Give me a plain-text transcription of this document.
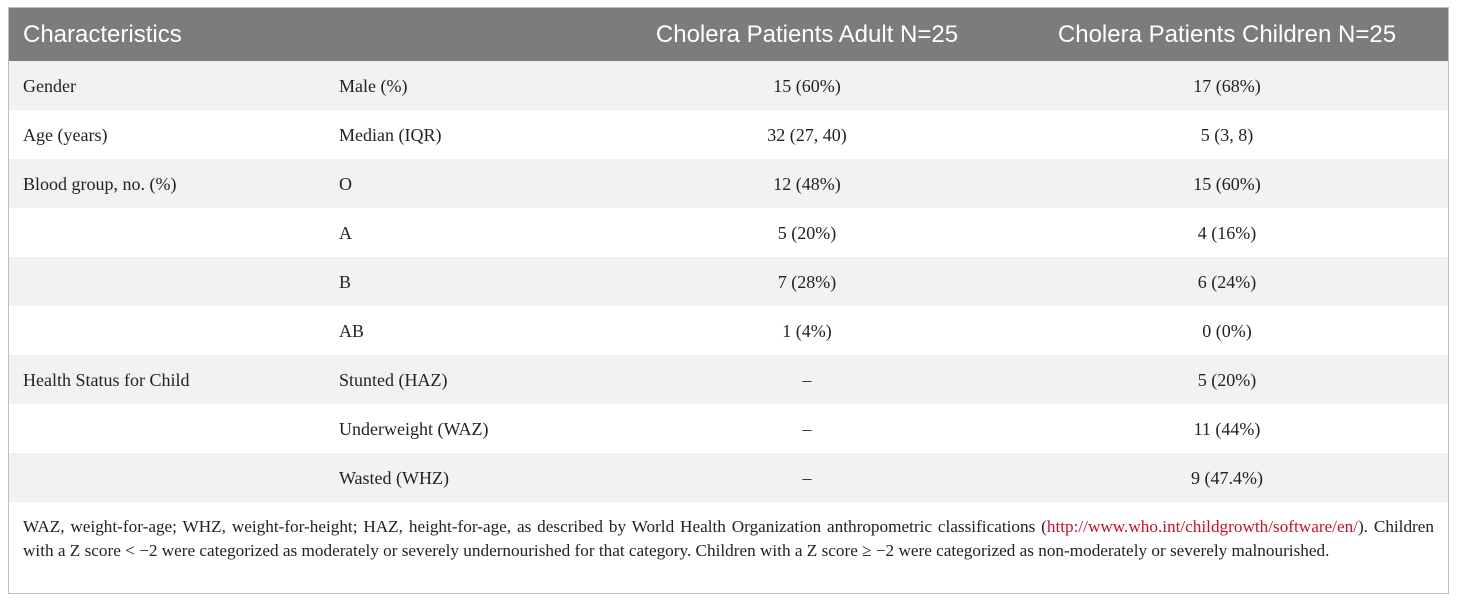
Characteristics		Cholera Patients Adult N=25	Cholera Patients Children N=25
Gender	Male (%)	15 (60%)	17 (68%)
Age (years)	Median (IQR)	32 (27, 40)	5 (3, 8)
Blood group, no. (%)	O	12 (48%)	15 (60%)
	A	5 (20%)	4 (16%)
	B	7 (28%)	6 (24%)
	AB	1 (4%)	0 (0%)
Health Status for Child	Stunted (HAZ)	–	5 (20%)
	Underweight (WAZ)	–	11 (44%)
	Wasted (WHZ)	–	9 (47.4%)
WAZ, weight-for-age; WHZ, weight-for-height; HAZ, height-for-age, as described by World Health Organization anthropometric classifications (http://www.who.int/childgrowth/software/en/). Children with a Z score < −2 were categorized as moderately or severely undernourished for that category. Children with a Z score ≥ −2 were categorized as non-moderately or severely malnourished.
